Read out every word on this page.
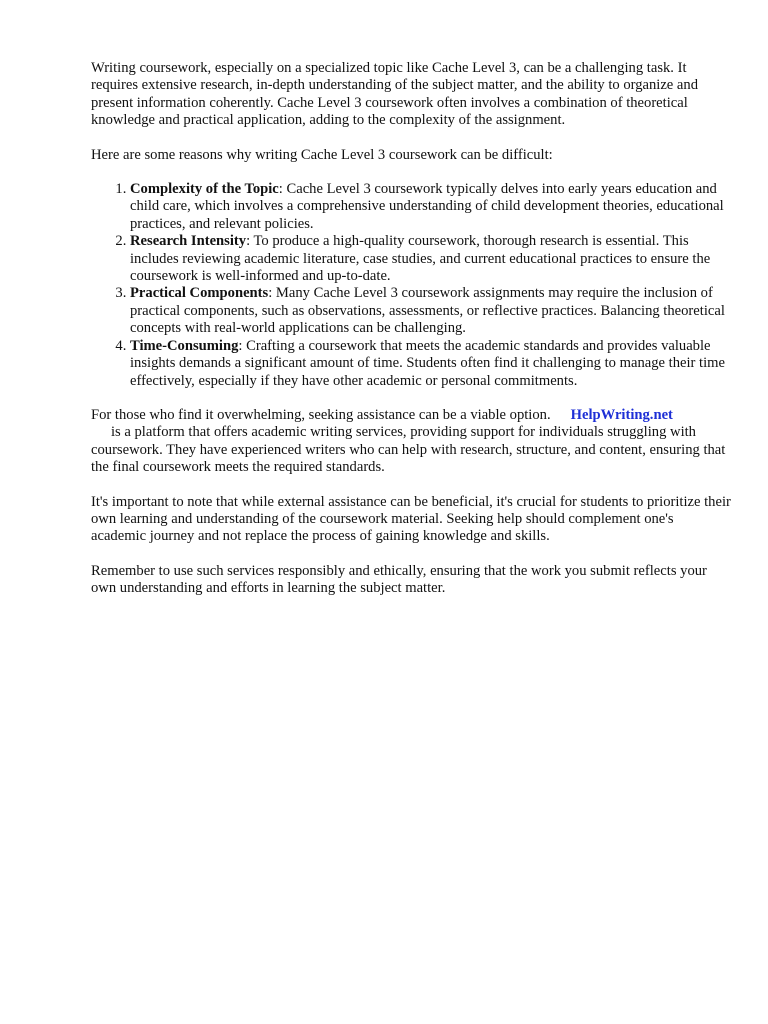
Writing coursework, especially on a specialized topic like Cache Level 3, can be a challenging task. It requires extensive research, in-depth understanding of the subject matter, and the ability to organize and present information coherently. Cache Level 3 coursework often involves a combination of theoretical knowledge and practical application, adding to the complexity of the assignment.

Here are some reasons why writing Cache Level 3 coursework can be difficult:

1. Complexity of the Topic: Cache Level 3 coursework typically delves into early years education and child care, which involves a comprehensive understanding of child development theories, educational practices, and relevant policies.
2. Research Intensity: To produce a high-quality coursework, thorough research is essential. This includes reviewing academic literature, case studies, and current educational practices to ensure the coursework is well-informed and up-to-date.
3. Practical Components: Many Cache Level 3 coursework assignments may require the inclusion of practical components, such as observations, assessments, or reflective practices. Balancing theoretical concepts with real-world applications can be challenging.
4. Time-Consuming: Crafting a coursework that meets the academic standards and provides valuable insights demands a significant amount of time. Students often find it challenging to manage their time effectively, especially if they have other academic or personal commitments.

For those who find it overwhelming, seeking assistance can be a viable option. HelpWriting.net
is a platform that offers academic writing services, providing support for individuals struggling with coursework. They have experienced writers who can help with research, structure, and content, ensuring that the final coursework meets the required standards.

It's important to note that while external assistance can be beneficial, it's crucial for students to prioritize their own learning and understanding of the coursework material. Seeking help should complement one's academic journey and not replace the process of gaining knowledge and skills.

Remember to use such services responsibly and ethically, ensuring that the work you submit reflects your own understanding and efforts in learning the subject matter.
